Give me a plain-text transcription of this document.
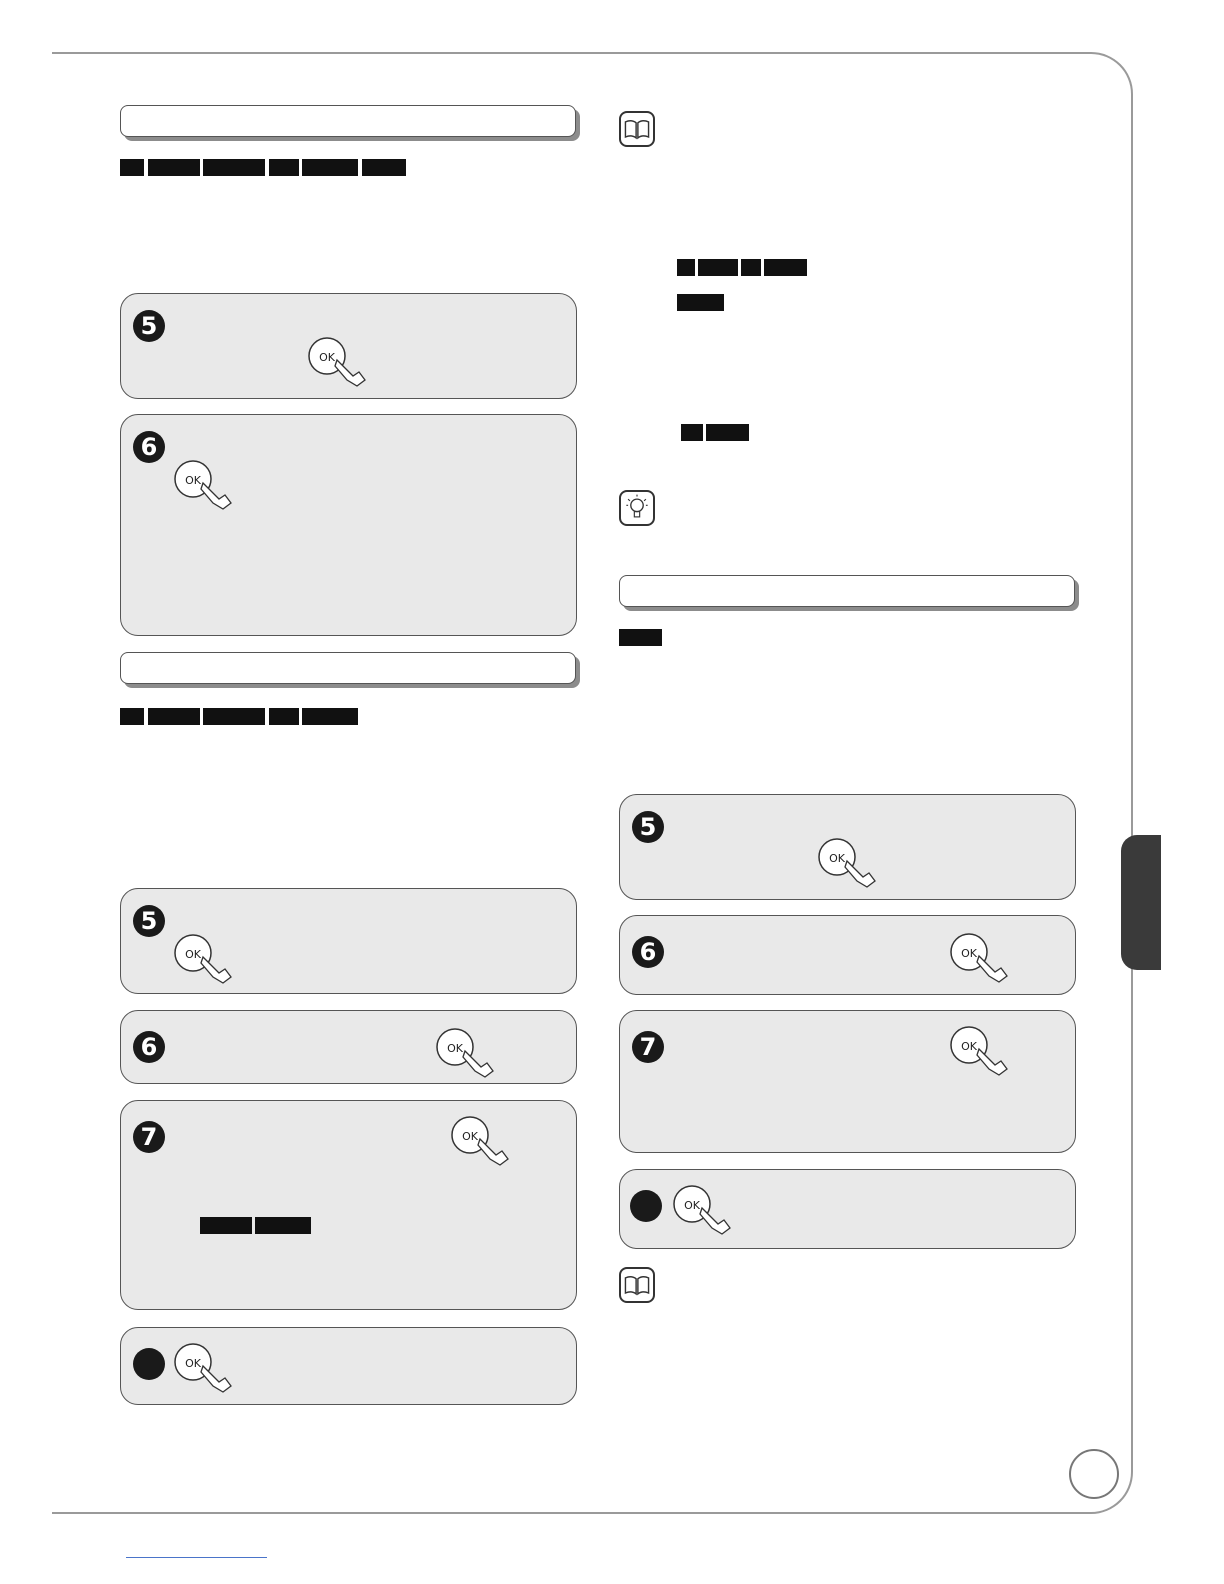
5
OK
6
OK
5
OK
6	OK
7	OK
OK
5
OK
6	OK
7	OK
OK
